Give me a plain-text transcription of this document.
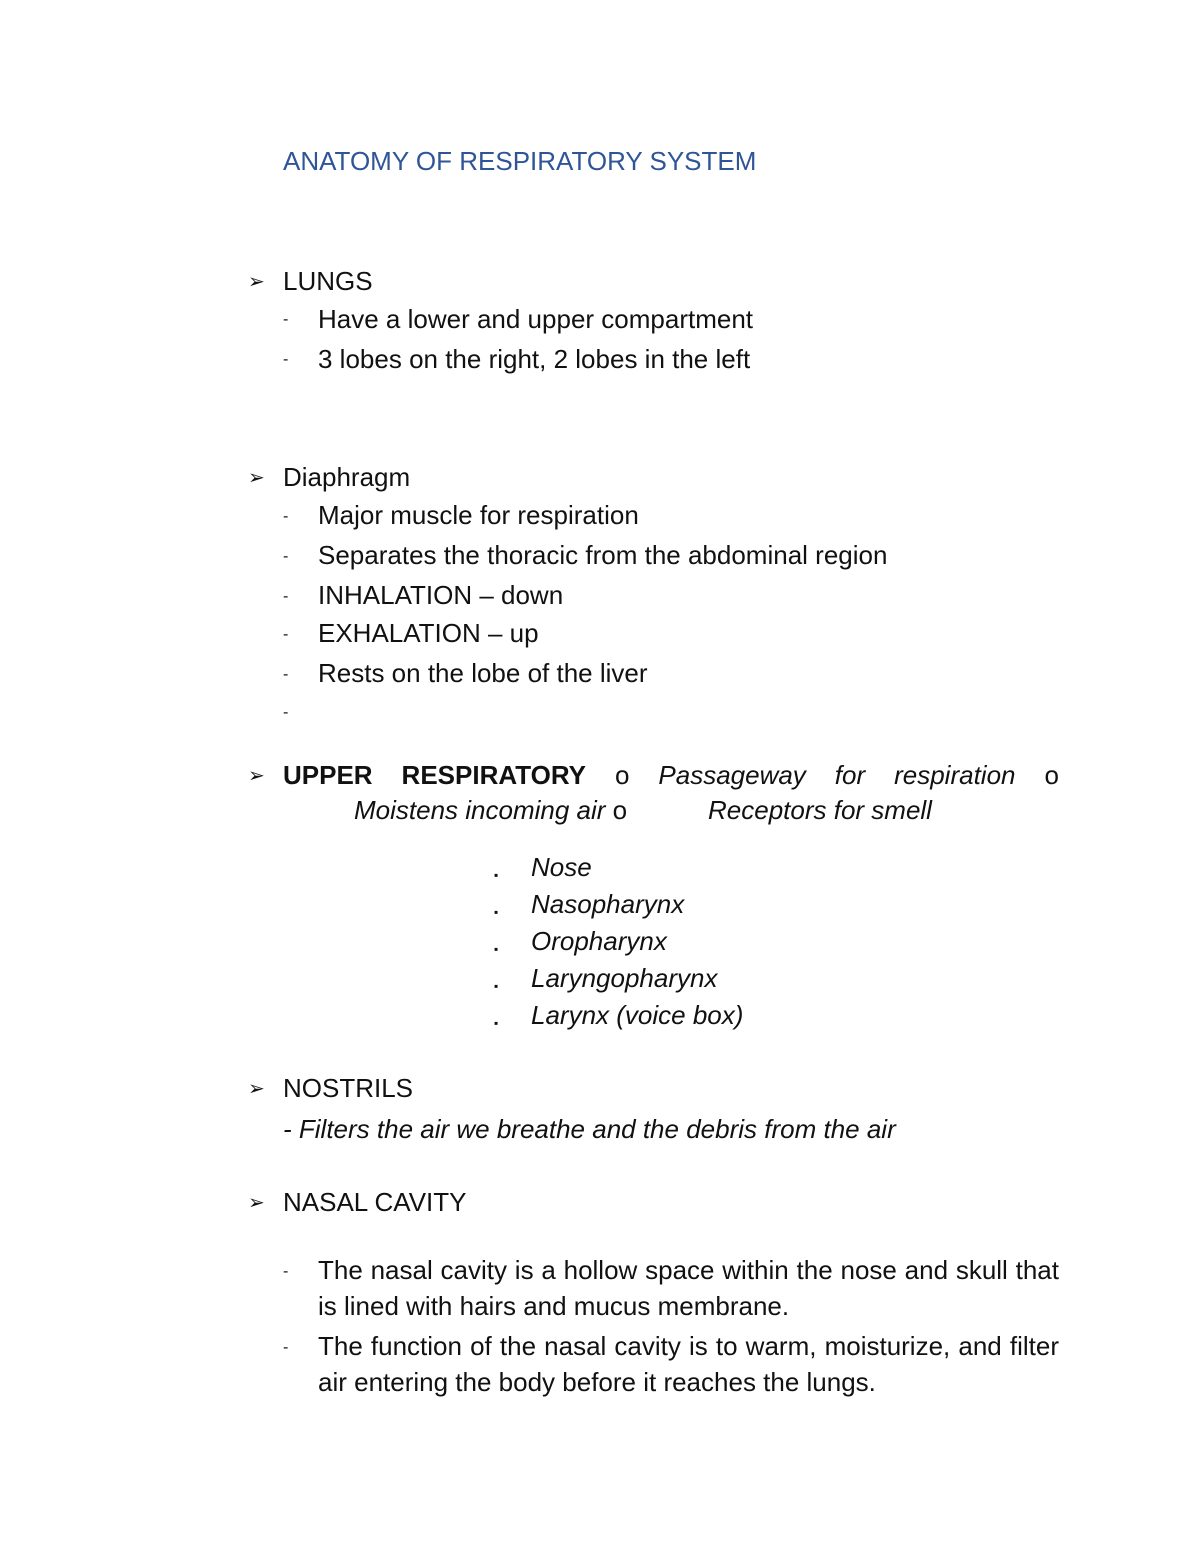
ANATOMY OF RESPIRATORY SYSTEM
➢ LUNGS
- Have a lower and upper compartment
- 3 lobes on the right, 2 lobes in the left
➢ Diaphragm
- Major muscle for respiration
- Separates the thoracic from the abdominal region
- INHALATION – down
- EXHALATION – up
- Rests on the lobe of the liver
-
➢ UPPER RESPIRATORY o Passageway for respiration o
Moistens incoming air o	Receptors for smell
▪ Nose
▪ Nasopharynx
▪ Oropharynx
▪ Laryngopharynx
▪ Larynx (voice box)
➢ NOSTRILS
- Filters the air we breathe and the debris from the air
➢ NASAL CAVITY
- The nasal cavity is a hollow space within the nose and skull that is lined with hairs and mucus membrane.
- The function of the nasal cavity is to warm, moisturize, and filter air entering the body before it reaches the lungs.
